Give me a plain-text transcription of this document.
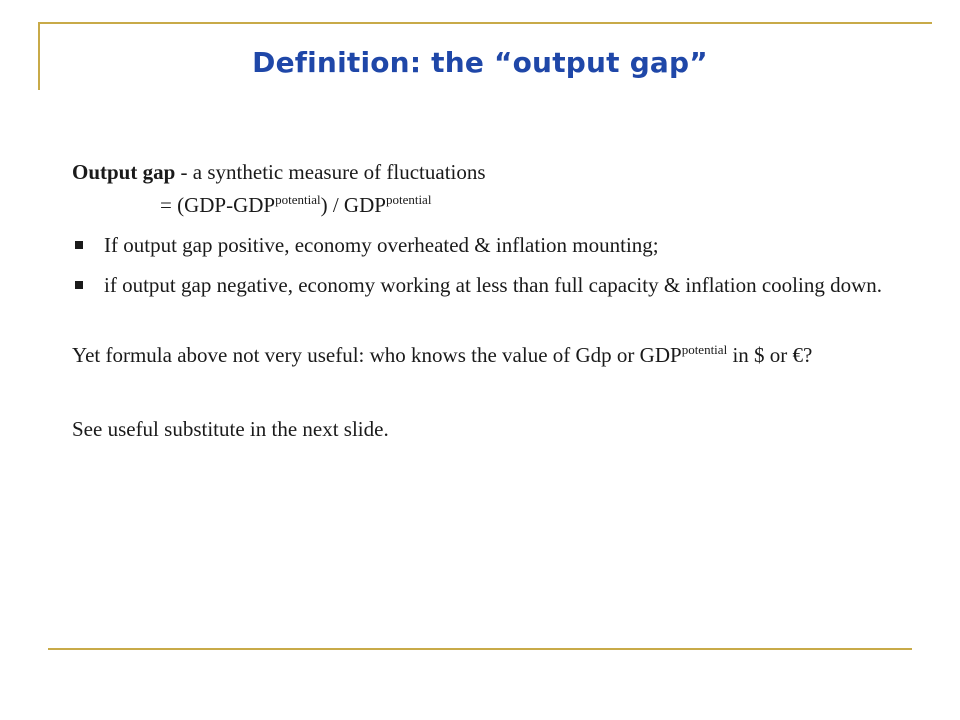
Definition: the “output gap”

Output gap - a synthetic measure of fluctuations

= $(GDP-GDP^{potential}) / GDP^{potential}$

If output gap positive, economy overheated & inflation mounting;
if output gap negative, economy working at less than full capacity & inflation cooling down.

Yet formula above not very useful: who knows the value of Gdp or $GDP^{potential}$ in $ or €?

See useful substitute in the next slide.
